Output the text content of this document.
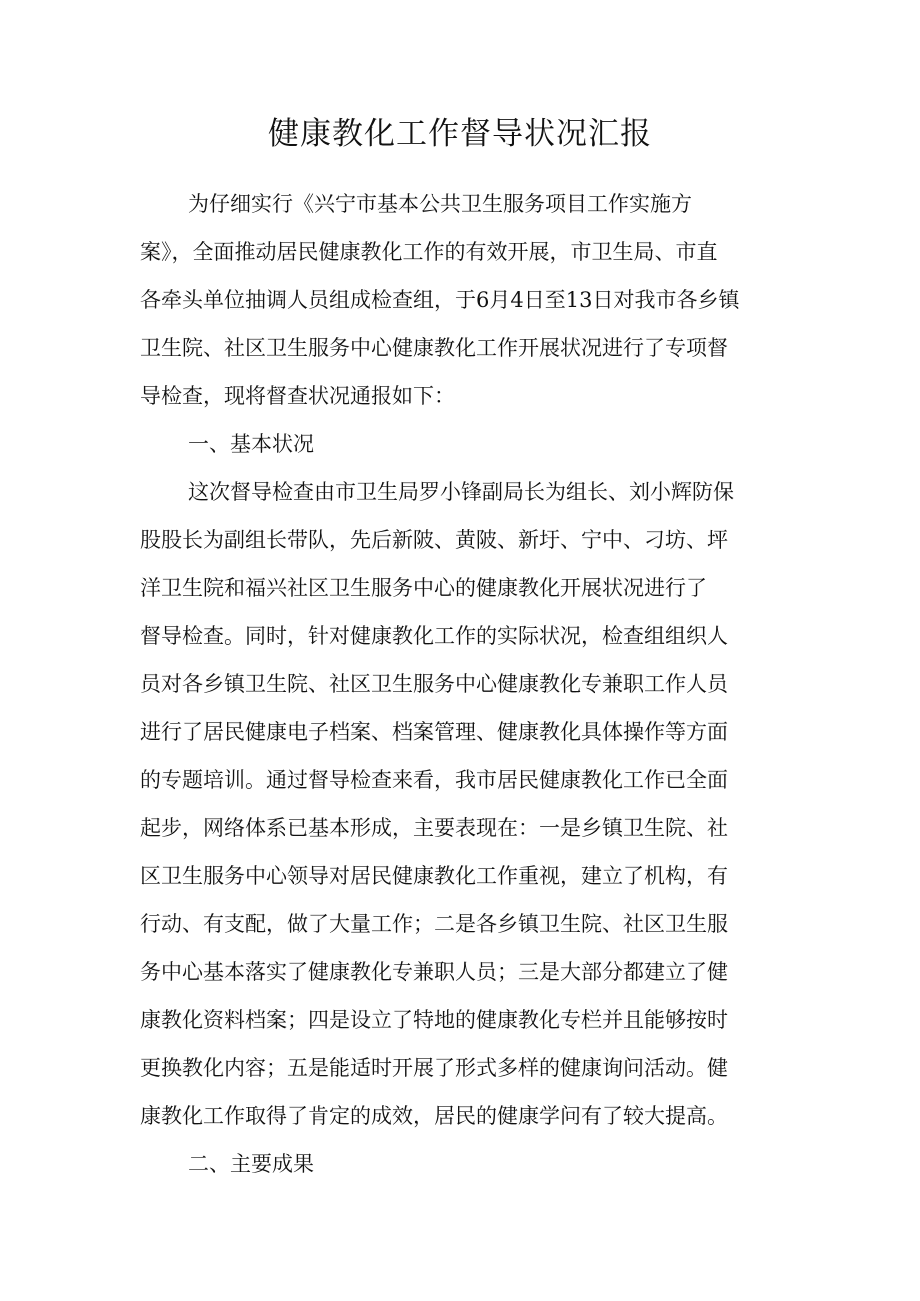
健康教化工作督导状况汇报
为仔细实行《兴宁市基本公共卫生服务项目工作实施方
案》，全面推动居民健康教化工作的有效开展，市卫生局、市直
各牵头单位抽调人员组成检查组，于6月4日至13日对我市各乡镇
卫生院、社区卫生服务中心健康教化工作开展状况进行了专项督
导检查，现将督查状况通报如下：
一、基本状况
这次督导检查由市卫生局罗小锋副局长为组长、刘小辉防保
股股长为副组长带队，先后新陂、黄陂、新圩、宁中、刁坊、坪
洋卫生院和福兴社区卫生服务中心的健康教化开展状况进行了
督导检查。同时，针对健康教化工作的实际状况，检查组组织人
员对各乡镇卫生院、社区卫生服务中心健康教化专兼职工作人员
进行了居民健康电子档案、档案管理、健康教化具体操作等方面
的专题培训。通过督导检查来看，我市居民健康教化工作已全面
起步，网络体系已基本形成，主要表现在：一是乡镇卫生院、社
区卫生服务中心领导对居民健康教化工作重视，建立了机构，有
行动、有支配，做了大量工作；二是各乡镇卫生院、社区卫生服
务中心基本落实了健康教化专兼职人员；三是大部分都建立了健
康教化资料档案；四是设立了特地的健康教化专栏并且能够按时
更换教化内容；五是能适时开展了形式多样的健康询问活动。健
康教化工作取得了肯定的成效，居民的健康学问有了较大提高。
二、主要成果
